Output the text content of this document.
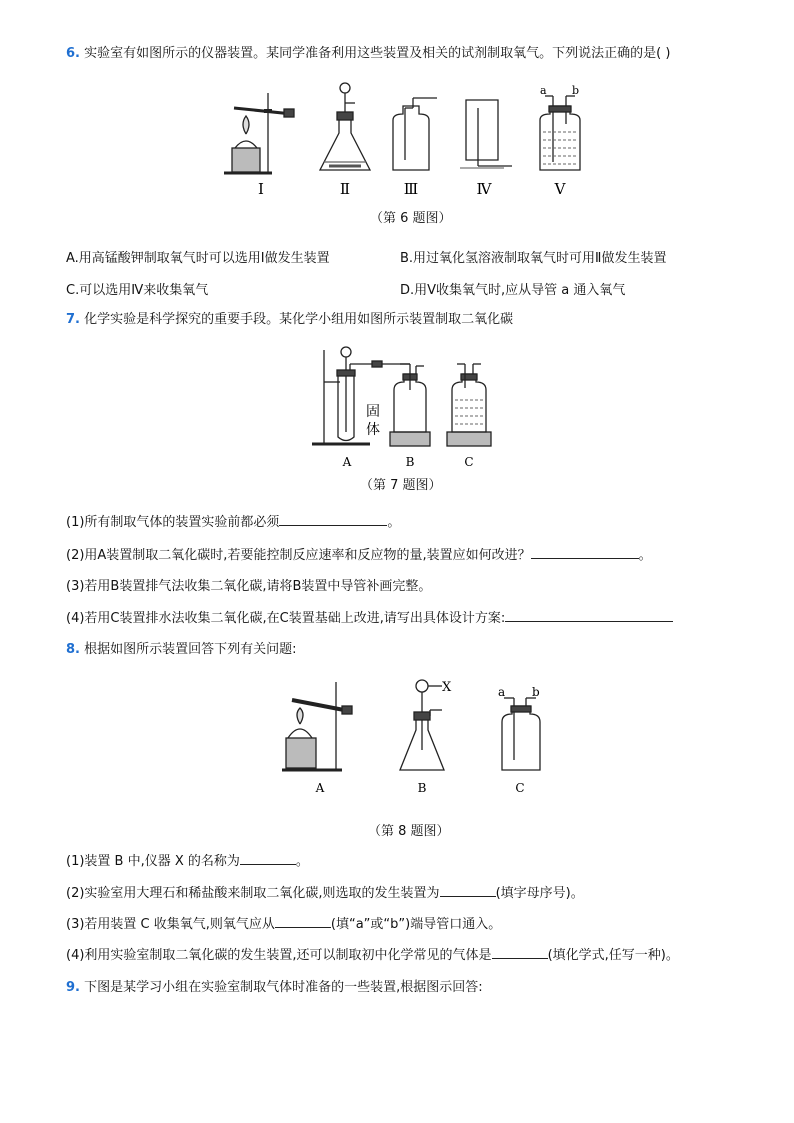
6. 实验室有如图所示的仪器装置。某同学准备利用这些装置及相关的试剂制取氧气。下列说法正确的是( )
a b
Ⅰ	Ⅱ	Ⅲ	Ⅳ	Ⅴ
（第 6 题图）
A.用高锰酸钾制取氧气时可以选用Ⅰ做发生装置	B.用过氧化氢溶液制取氧气时可用Ⅱ做发生装置
C.可以选用Ⅳ来收集氧气	D.用Ⅴ收集氧气时,应从导管 a 通入氧气
7. 化学实验是科学探究的重要手段。某化学小组用如图所示装置制取二氧化碳
固
体
A	B	C
（第 7 题图）
(1)所有制取气体的装置实验前都必须	。
(2)用A装置制取二氧化碳时,若要能控制反应速率和反应物的量,装置应如何改进？	。
(3)若用B装置排气法收集二氧化碳,请将B装置中导管补画完整。
(4)若用C装置排水法收集二氧化碳,在C装置基础上改进,请写出具体设计方案:
8. 根据如图所示装置回答下列有关问题:
X	a b
A	B	C
（第 8 题图）
(1)装置 B 中,仪器 X 的名称为	。
(2)实验室用大理石和稀盐酸来制取二氧化碳,则选取的发生装置为	(填字母序号)。
(3)若用装置 C 收集氧气,则氧气应从	(填“a”或“b”)端导管口通入。
(4)利用实验室制取二氧化碳的发生装置,还可以制取初中化学常见的气体是	(填化学式,任写一种)。
9. 下图是某学习小组在实验室制取气体时准备的一些装置,根据图示回答:
